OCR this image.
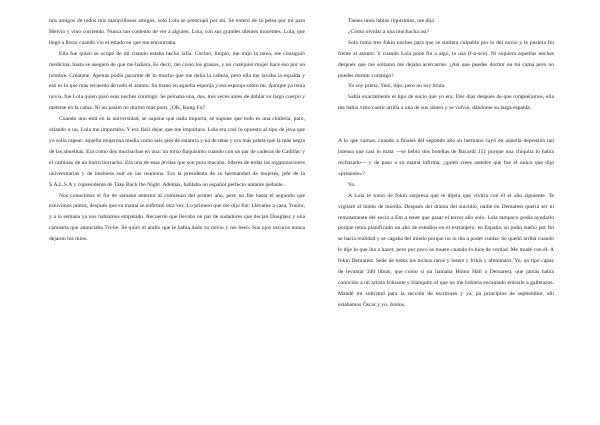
mis amigos de todos mis maravillosos amigos, solo Lola se preocupó por mí. Se enteró de la pelea por mi para Melvin y vino corriendo. Nunca tan contento de ver a alguien. Lola, con sus grandes dientes inocentes. Lola, que llegó a llorar cuando vio el estado en que me encontraba.

Ella fue quien se ocupó de mí cuando estaba hecho lafia. Cocinó, limpió, me trajo la tarea, me consiguió medicina, hasta se aseguró de que me bañara. Es decir, me cosió los granos, y no cualquier mujer hace eso por un hombre. Créanme. Apenas podía pararme de lo mucho que me dolía la cabeza, pero ella me lavaba la espalda y eso es lo que más recuerdo de todo el asunto. Su mano en aquella esponja y esa esponja sobre mí. Aunque ya tenía novia, fue Lola quien pasó esas noches conmigo. Se peinaba una, dos, tres veces antes de doblar su largo cuerpo y meterse en la cama. Ni un pasito no durmo más porti, ¡OK, Kung Fu?

Cuando uno está en la universidad, se supone que nada importa, se supone que todo es una chulería, paro, orlando o no, Lola me importaba. Y era fácil dejar que me importara. Lola era casi lo opuesto al tipo de jeva que yo solía rapear: aquella mujerona media como seis pies de estatura y na de tetas y era más prieta que la más negra de las abuelitas. Era como dos muchachas en una: un torso flaquísimo cuando con un par de caderas de Cadillac y el caminao de un burro borracho. Era una de esas jevitas que son pura macana: lideres de todas las organizaciones universitarias y de business suit en las reunions. Era la presidenta de su hermandad de mujeres, jefe de la S.A.L.S.A y copresidente de Take Back the Night. Además, hablaba un español perfecto untante pedante.

Nos conocimos el fin de semana anterior al comienzo del primer año, pero no fue hasta el segundo que estuvimos juntos, después que su mamá se enfermó otra vez. Lo primero que me dijo fue: Llévame a casa, Yunior, y a la semana ya nos habíamos empatado. Recuerdo que llevaba un par de sudadores que decían Douglass y una camiseta que anunciaba Tri-be. Se quitó el anillo que le había dado su novio y me besó. Sus ojos oscuros nunca dejaron los míos.

Tienes unos labios riquisimos, me dijo.

¿Cómo olvidar a una muchacha así?

Solo tomó tres fokin noches para que se sintiera culpable por lo del novio y le pusiera fin frente al asunto. Y cuando Lola pone fin a algo, lo usa (f-u-sco). Ni siquiera aquellas noches después que me soltaron me dejaba acercarme. ¿Así que puedes dormir en mi cama pero no puedes dormir conmigo?

Yo soy prieta, Yuni, dijo, pero no soy bruta.

Sabía exactamente el tipo de sucio que yo era. Dos días después de que rompiéramos, ella me había visto cuerir arriba a una de sus sisters y se volvió, dándome su larga espalda.

A lo que vamos: cuando a finales del segundo año su hermano cayó en aquella depresión tan intensa que casi lo mata —se bebió dos botellas de Bacardí 151 porque una chiquita lo había rechazado— y de paso a su mamá infirma, ¿quién crees ustedes que fue el único que dijo «presente»?

Yo.

A Lola le tomó de fokin sorpresa que le dijera que viviría con él el año siguiente. Te vigilaré al bobín de mierda. Después del drama del suicidio, nadie en Demarest quería ser ni remotamente del socio a Em a tener que pasar el tercer año solo. Lola tampoco podía ayudarlo porque tenía planificado un año de estudios en el extranjero, en España, su jodio sueño por fin se hacía realidad y se cagaba del miedo porque no lo iba a poder cuidar. Se quedó arriba cuando le dije lo que iba a hacer, pero por poco se muere cuando lo hice de verdad. Me mudé con él. A fokin Demarest. Sede de todos los bichos raros y losers y frikis y afeminaos. Yo, un tipo capaz de levantar 340 libras, que como si na llamaba Homo Hall a Demarest, que jamás había conocido a un artista frikiante y blanquito al que no me hubiera encantado entrarle a galletazos. Mandé mi solicitud para la sección de escritores y ya, pa principios de septiembre, allí estábamos Óscar y yo. Juntos.
